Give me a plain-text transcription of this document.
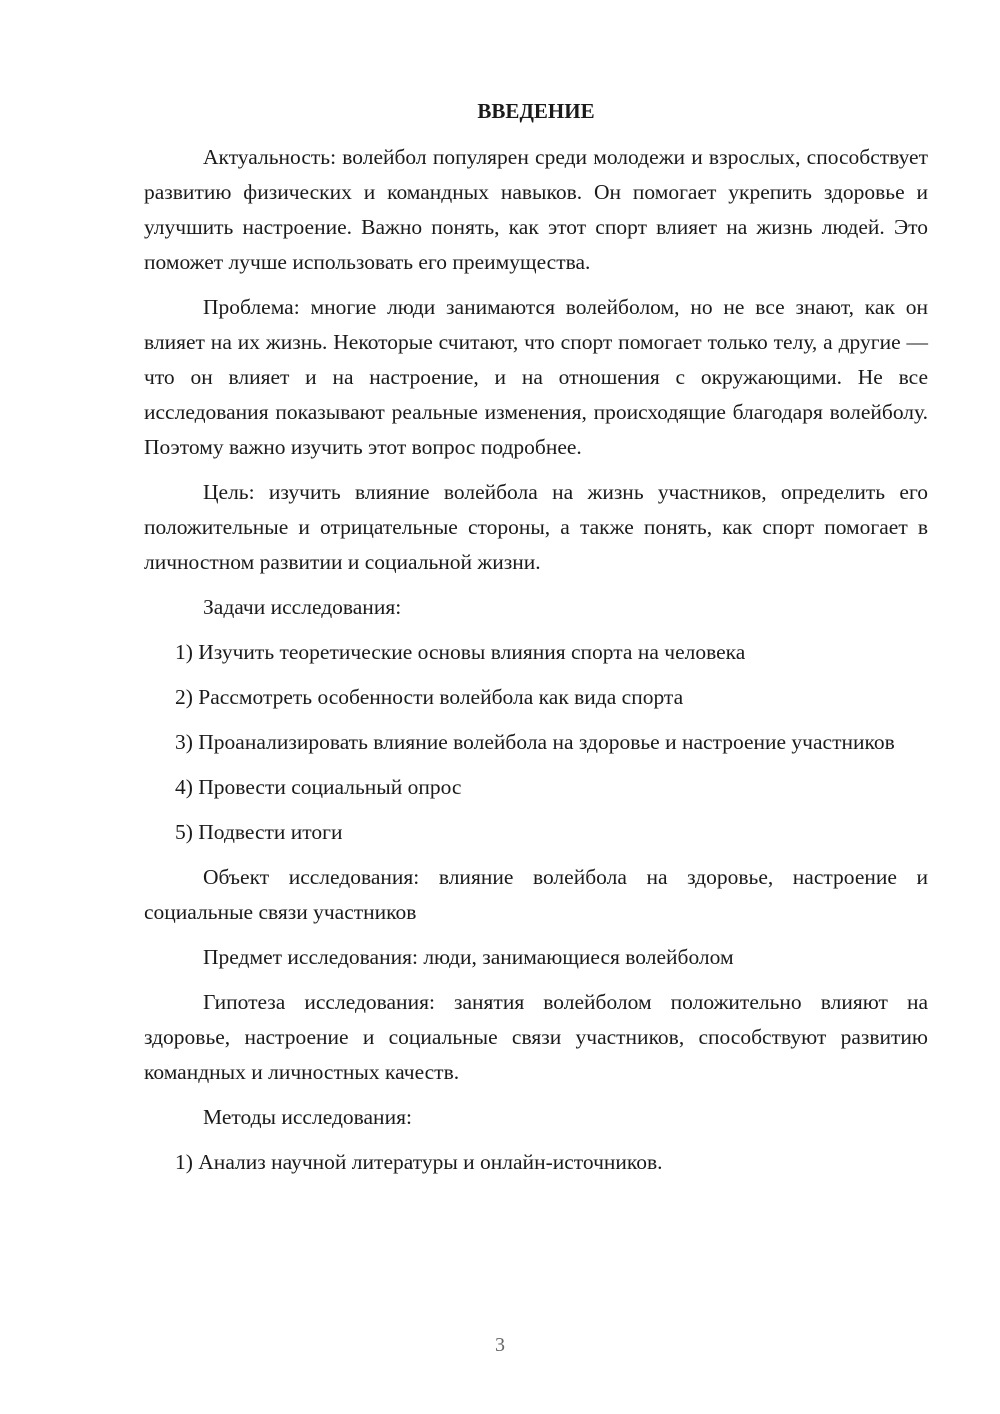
ВВЕДЕНИЕ

Актуальность: волейбол популярен среди молодежи и взрослых, способствует развитию физических и командных навыков. Он помогает укрепить здоровье и улучшить настроение. Важно понять, как этот спорт влияет на жизнь людей. Это поможет лучше использовать его преимущества.

Проблема: многие люди занимаются волейболом, но не все знают, как он влияет на их жизнь. Некоторые считают, что спорт помогает только телу, а другие — что он влияет и на настроение, и на отношения с окружающими. Не все исследования показывают реальные изменения, происходящие благодаря волейболу. Поэтому важно изучить этот вопрос подробнее.

Цель: изучить влияние волейбола на жизнь участников, определить его положительные и отрицательные стороны, а также понять, как спорт помогает в личностном развитии и социальной жизни.

Задачи исследования:

1) Изучить теоретические основы влияния спорта на человека

2) Рассмотреть особенности волейбола как вида спорта

3) Проанализировать влияние волейбола на здоровье и настроение участников

4) Провести социальный опрос

5) Подвести итоги

Объект исследования: влияние волейбола на здоровье, настроение и социальные связи участников

Предмет исследования: люди, занимающиеся волейболом

Гипотеза исследования: занятия волейболом положительно влияют на здоровье, настроение и социальные связи участников, способствуют развитию командных и личностных качеств.

Методы исследования:

1) Анализ научной литературы и онлайн-источников.

3
